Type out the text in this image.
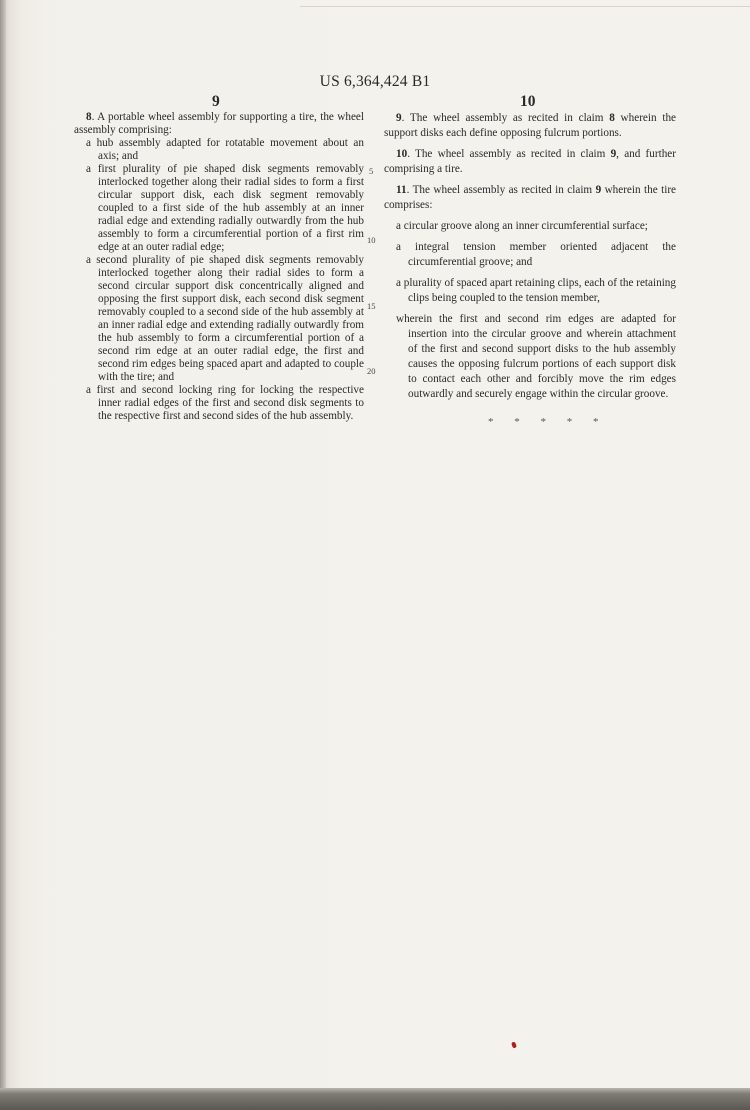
US 6,364,424 B1
9	10

8. A portable wheel assembly for supporting a tire, the wheel assembly comprising:

a hub assembly adapted for rotatable movement about an axis; and

a first plurality of pie shaped disk segments removably interlocked together along their radial sides to form a first circular support disk, each disk segment removably coupled to a first side of the hub assembly at an inner radial edge and extending radially outwardly from the hub assembly to form a circumferential portion of a first rim edge at an outer radial edge;

a second plurality of pie shaped disk segments removably interlocked together along their radial sides to form a second circular support disk concentrically aligned and opposing the first support disk, each second disk segment removably coupled to a second side of the hub assembly at an inner radial edge and extending radially outwardly from the hub assembly to form a circumferential portion of a second rim edge at an outer radial edge, the first and second rim edges being spaced apart and adapted to couple with the tire; and

a first and second locking ring for locking the respective inner radial edges of the first and second disk segments to the respective first and second sides of the hub assembly.

5
10
15
20

9. The wheel assembly as recited in claim 8 wherein the support disks each define opposing fulcrum portions.

10. The wheel assembly as recited in claim 9, and further comprising a tire.

11. The wheel assembly as recited in claim 9 wherein the tire comprises:

a circular groove along an inner circumferential surface;

a integral tension member oriented adjacent the circumferential groove; and

a plurality of spaced apart retaining clips, each of the retaining clips being coupled to the tension member,

wherein the first and second rim edges are adapted for insertion into the circular groove and wherein attachment of the first and second support disks to the hub assembly causes the opposing fulcrum portions of each support disk to contact each other and forcibly move the rim edges outwardly and securely engage within the circular groove.

* * * * *
